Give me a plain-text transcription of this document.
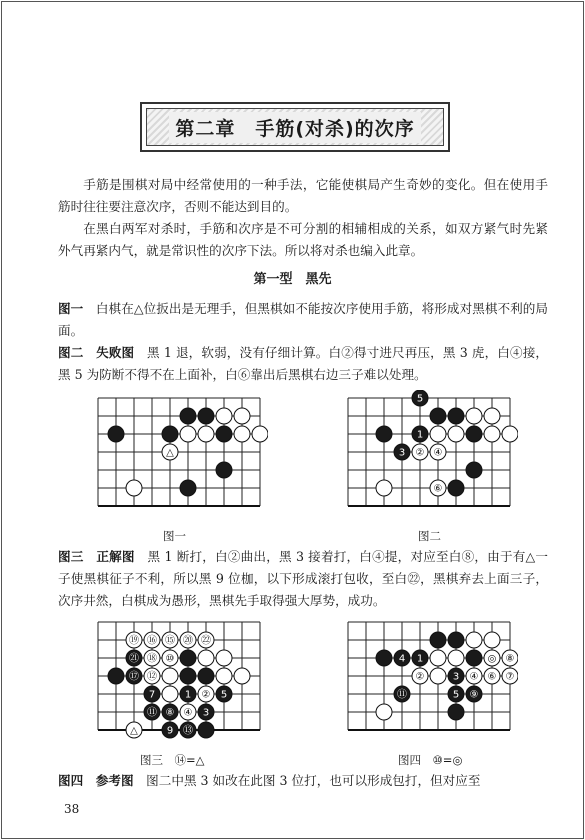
第二章　手筋(对杀)的次序
手筋是围棋对局中经常使用的一种手法，它能使棋局产生奇妙的变化。但在使用手筋时往往要注意次序，否则不能达到目的。
在黑白两军对杀时，手筋和次序是不可分割的相辅相成的关系，如双方紧气时先紧外气再紧内气，就是常识性的次序下法。所以将对杀也编入此章。
第一型　黑先
图一　白棋在△位扳出是无理手，但黑棋如不能按次序使用手筋，将形成对黑棋不利的局面。
图二　失败图　黑 1 退，软弱，没有仔细计算。白②得寸进尺再压，黑 3 虎，白④接，黑 5 为防断不得不在上面补，白⑥靠出后黑棋右边三子难以处理。
△
5
1
3 ② ④
⑥
图一	图二
图三　正解图　黑 1 断打，白②曲出，黑 3 接着打，白④提，对应至白⑧，由于有△一子使黑棋征子不利，所以黑 9 位枷，以下形成滚打包收，至白㉒，黑棋弃去上面三子，次序井然，白棋成为愚形，黑棋先手取得强大厚势，成功。
⑲ ⑯ ⑮ ⑳ ㉒
㉑ ⑱ ⑩
⑰ ⑫
7	1 ② 5
⑪ ⑧ ④ 3
△	9 ⑬
4 1	◎ ⑧
②	3 ④ ⑥ ⑦
⑪	5 ⑨
图三　⑭=△	图四　⑩=◎
图四　参考图　图二中黑 3 如改在此图 3 位打，也可以形成包打，但对应至
38
